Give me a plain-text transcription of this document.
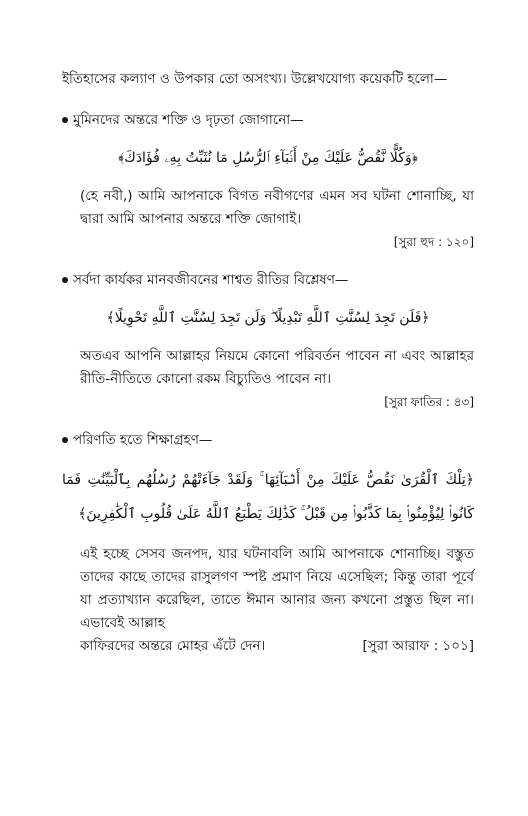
ইতিহাসের কল্যাণ ও উপকার তো অসংখ্য। উল্লেখযোগ্য কয়েকটি হলো—

মুমিনদের অন্তরে শক্তি ও দৃঢ়তা জোগানো—

﴿وَكُلًّا نَّقُصُّ عَلَيْكَ مِنْ أَنۢبَآءِ ٱلرُّسُلِ مَا نُثَبِّتُ بِهِۦ فُؤَادَكَ﴾

(হে নবী,) আমি আপনাকে বিগত নবীগণের এমন সব ঘটনা শোনাচ্ছি, যা দ্বারা আমি আপনার অন্তরে শক্তি জোগাই।

[সুরা হুদ : ১২০]

সর্বদা কার্যকর মানবজীবনের শাশ্বত রীতির বিশ্লেষণ—

﴿فَلَن تَجِدَ لِسُنَّتِ ٱللَّهِ تَبْدِيلًا ۖ وَلَن تَجِدَ لِسُنَّتِ ٱللَّهِ تَحْوِيلًا﴾

অতএব আপনি আল্লাহর নিয়মে কোনো পরিবর্তন পাবেন না এবং আল্লাহর রীতি-নীতিতে কোনো রকম বিচ্যুতিও পাবেন না।

[সুরা ফাতির : ৪৩]

পরিণতি হতে শিক্ষাগ্রহণ—

﴿تِلْكَ ٱلْقُرَىٰ نَقُصُّ عَلَيْكَ مِنْ أَنۢبَآئِهَا ۚ وَلَقَدْ جَآءَتْهُمْ رُسُلُهُم بِٱلْبَيِّنَٰتِ فَمَا كَانُوا۟ لِيُؤْمِنُوا۟ بِمَا كَذَّبُوا۟ مِن قَبْلُ ۚ كَذَٰلِكَ يَطْبَعُ ٱللَّهُ عَلَىٰ قُلُوبِ ٱلْكَٰفِرِينَ﴾

এই হচ্ছে সেসব জনপদ, যার ঘটনাবলি আমি আপনাকে শোনাচ্ছি। বস্তুত তাদের কাছে তাদের রাসুলগণ স্পষ্ট প্রমাণ নিয়ে এসেছিল; কিন্তু তারা পূর্বে যা প্রত্যাখ্যান করেছিল, তাতে ঈমান আনার জন্য কখনো প্রস্তুত ছিল না। এভাবেই আল্লাহ

কাফিরদের অন্তরে মোহর এঁটে দেন।	[সুরা আরাফ : ১০১]
